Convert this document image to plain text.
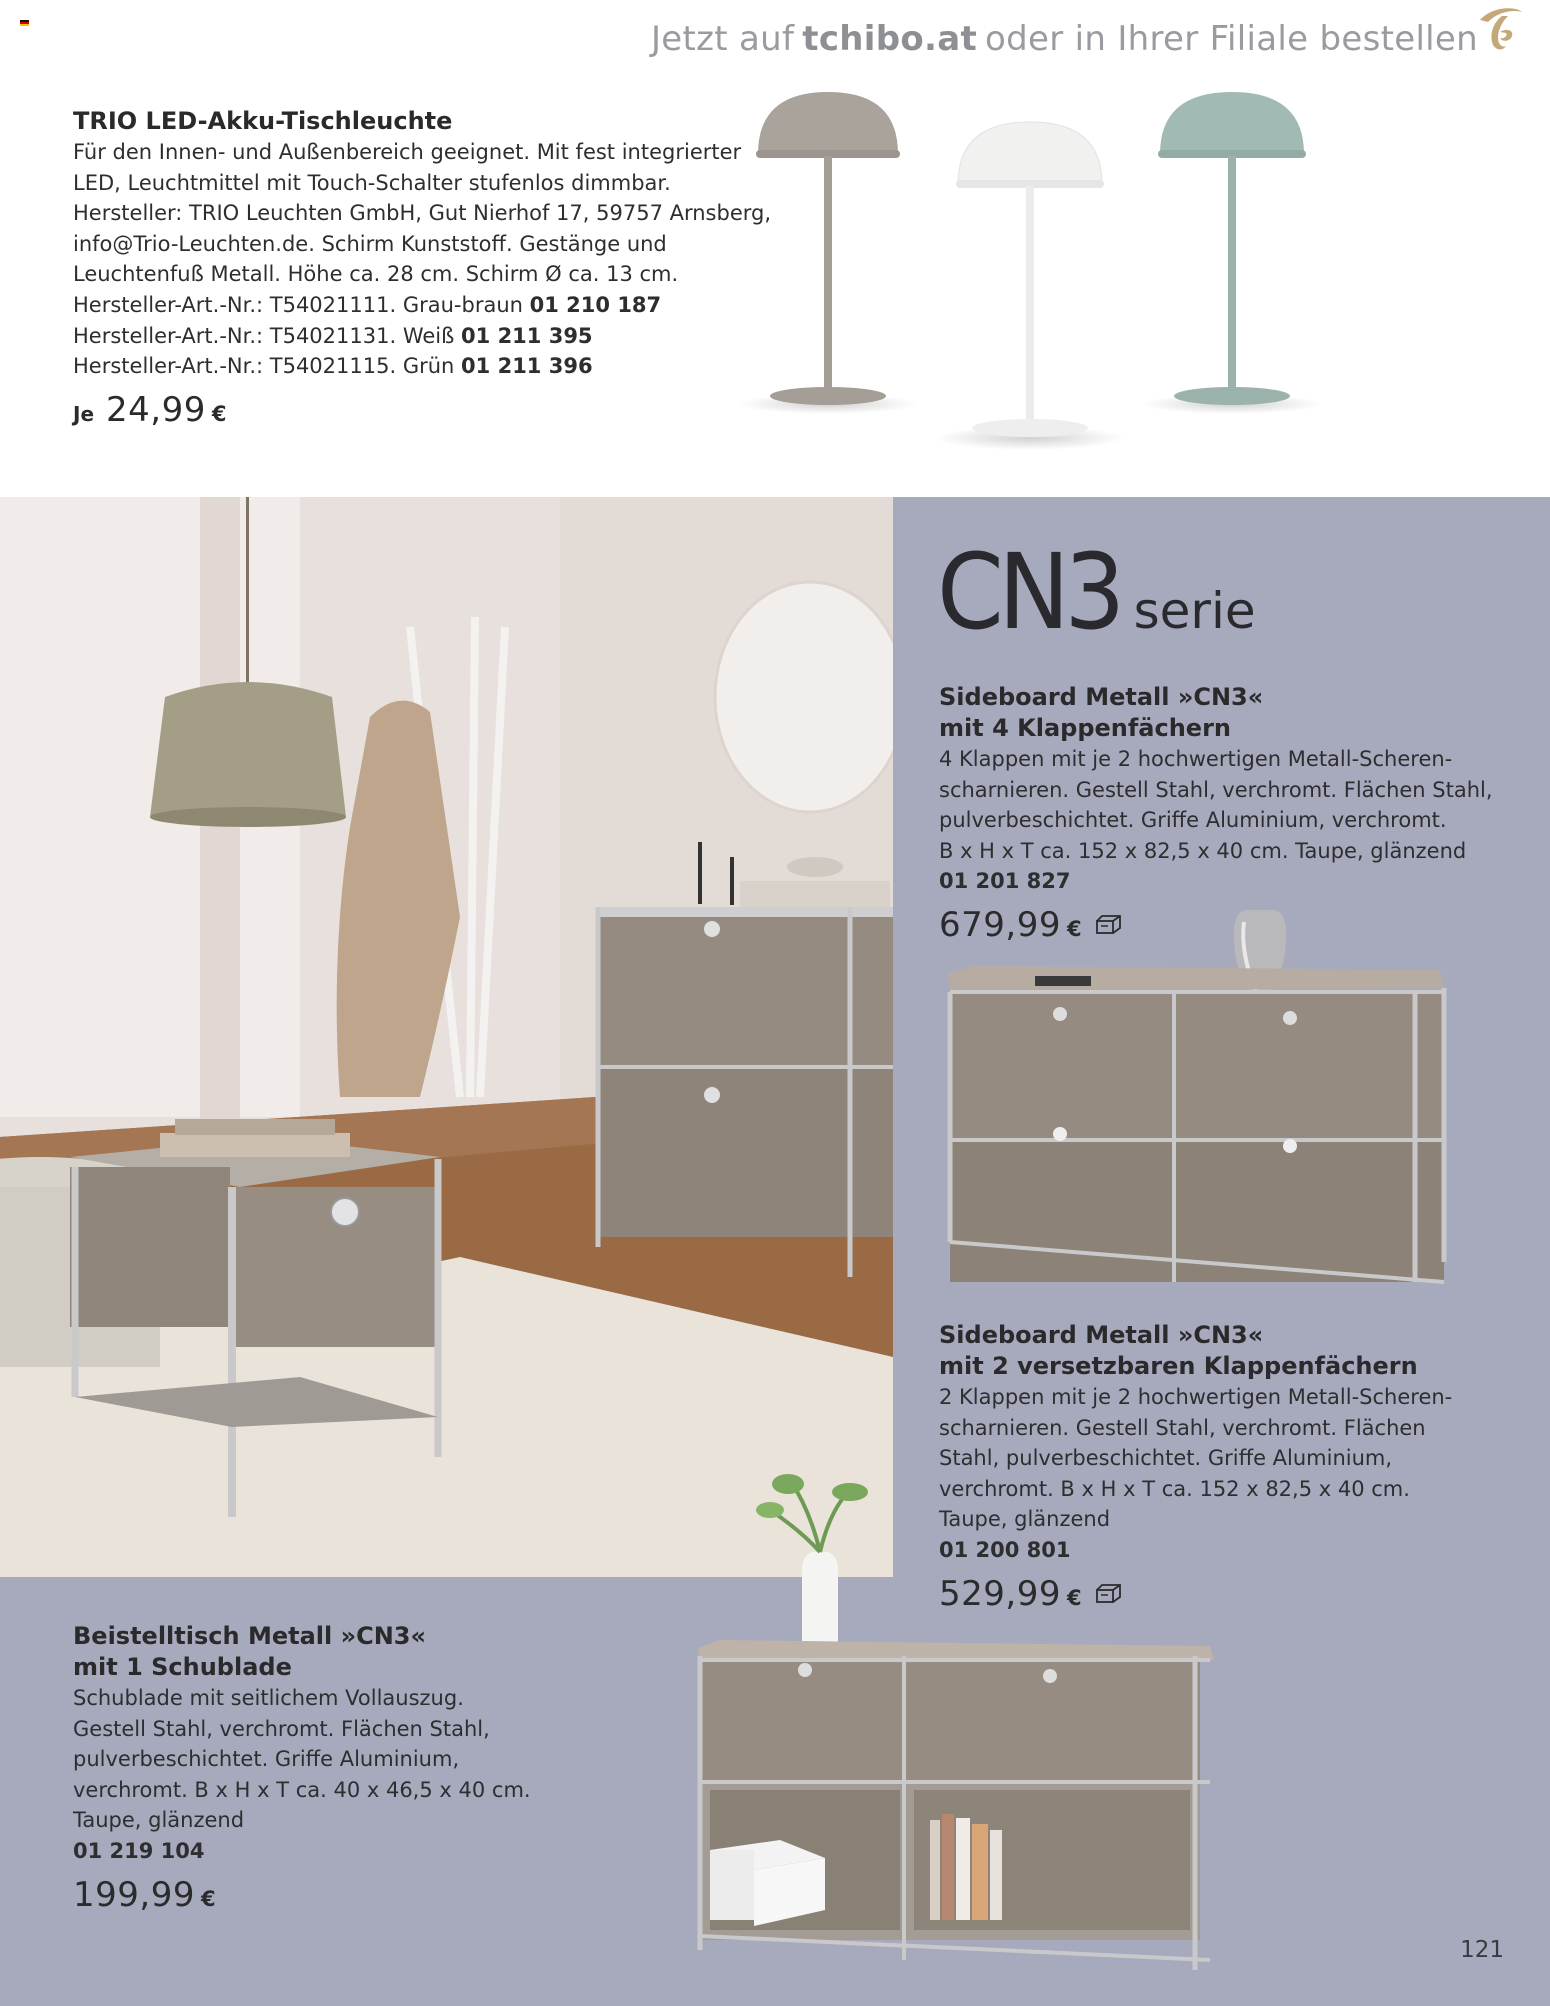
Jetzt auf tchibo.at oder in Ihrer Filiale bestellen
TRIO LED-Akku-Tischleuchte
Für den Innen- und Außenbereich geeignet. Mit fest integrierter
LED, Leuchtmittel mit Touch-Schalter stufenlos dimmbar.
Hersteller: TRIO Leuchten GmbH, Gut Nierhof 17, 59757 Arnsberg,
info@Trio-Leuchten.de. Schirm Kunststoff. Gestänge und
Leuchtenfuß Metall. Höhe ca. 28 cm. Schirm Ø ca. 13 cm.
Hersteller-Art.-Nr.: T54021111. Grau-braun 01 210 187
Hersteller-Art.-Nr.: T54021131. Weiß 01 211 395
Hersteller-Art.-Nr.: T54021115. Grün 01 211 396
Je 24,99 €
CN3 serie
Sideboard Metall »CN3«
mit 4 Klappenfächern
4 Klappen mit je 2 hochwertigen Metall-Scheren-
scharnieren. Gestell Stahl, verchromt. Flächen Stahl,
pulverbeschichtet. Griffe Aluminium, verchromt.
B x H x T ca. 152 x 82,5 x 40 cm. Taupe, glänzend
01 201 827
679,99 €
Sideboard Metall »CN3«
mit 2 versetzbaren Klappenfächern
2 Klappen mit je 2 hochwertigen Metall-Scheren-
scharnieren. Gestell Stahl, verchromt. Flächen
Stahl, pulverbeschichtet. Griffe Aluminium,
verchromt. B x H x T ca. 152 x 82,5 x 40 cm.
Taupe, glänzend
01 200 801
529,99 €
Beistelltisch Metall »CN3«
mit 1 Schublade
Schublade mit seitlichem Vollauszug.
Gestell Stahl, verchromt. Flächen Stahl,
pulverbeschichtet. Griffe Aluminium,
verchromt. B x H x T ca. 40 x 46,5 x 40 cm.
Taupe, glänzend
01 219 104
199,99 €
121
